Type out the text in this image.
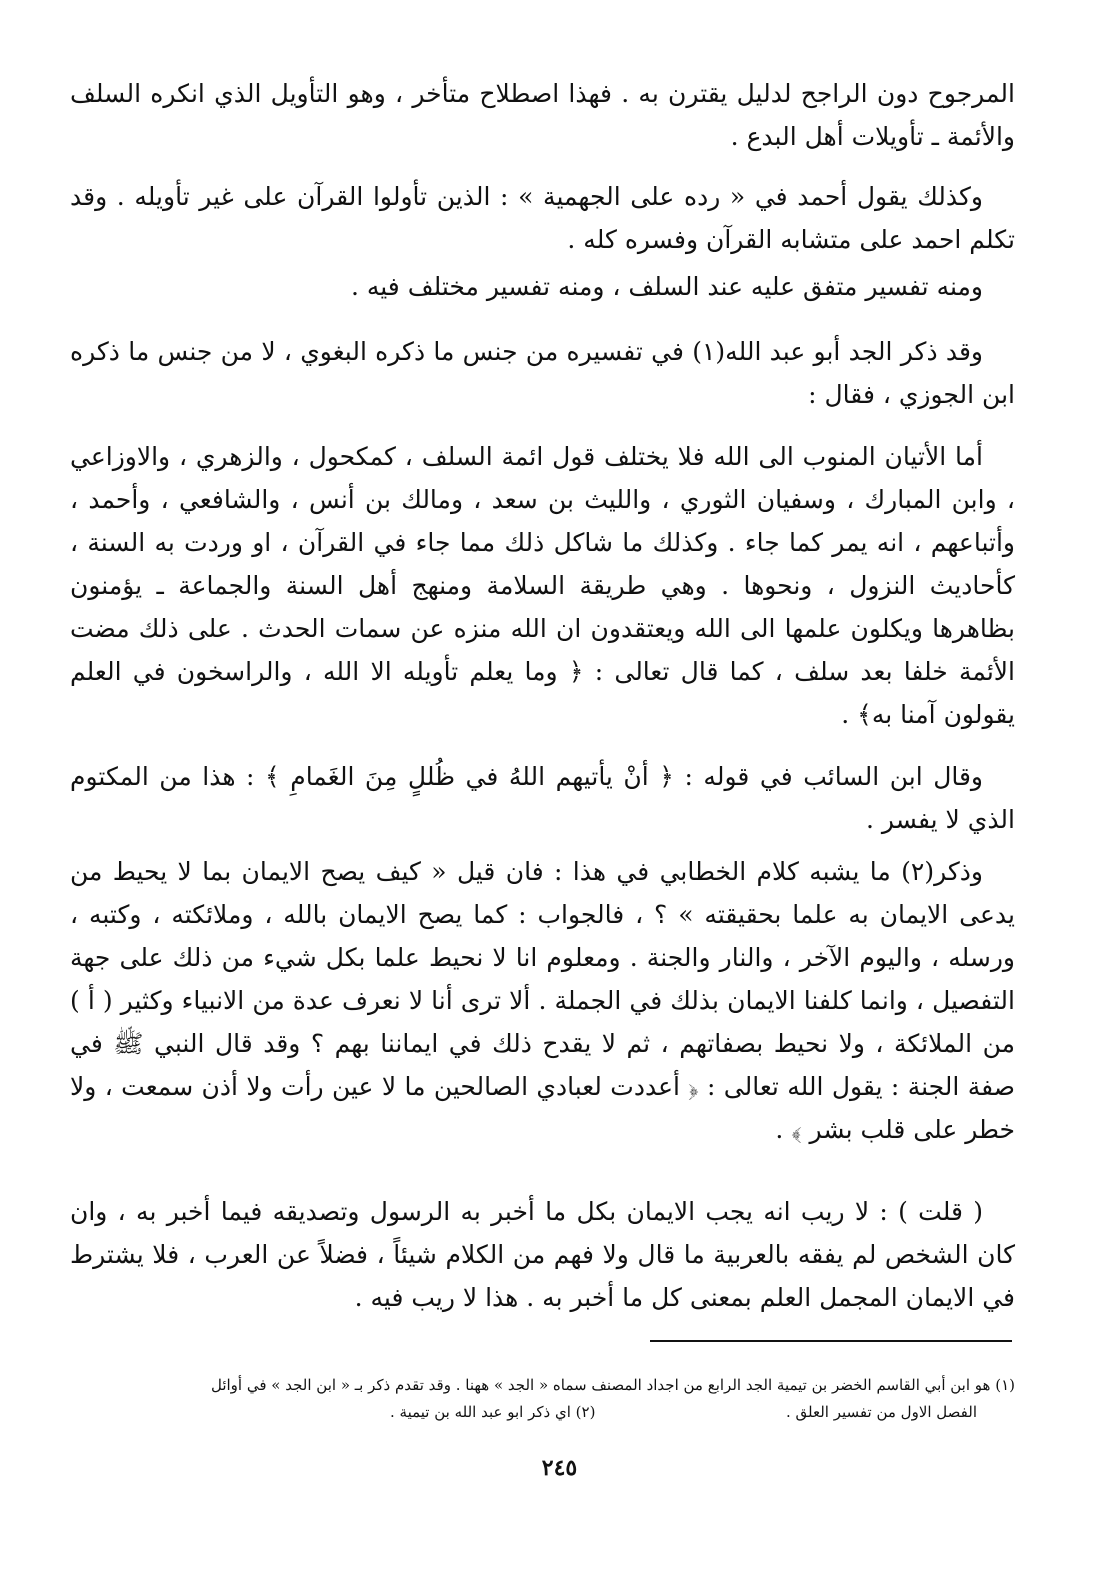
المرجوح دون الراجح لدليل يقترن به . فهذا اصطلاح متأخر ، وهو التأويل الذي انكره السلف والأئمة ـ تأويلات أهل البدع .

وكذلك يقول أحمد في « رده على الجهمية » : الذين تأولوا القرآن على غير تأويله . وقد تكلم احمد على متشابه القرآن وفسره كله .

ومنه تفسير متفق عليه عند السلف ، ومنه تفسير مختلف فيه .

وقد ذكر الجد أبو عبد الله(١) في تفسيره من جنس ما ذكره البغوي ، لا من جنس ما ذكره ابن الجوزي ، فقال :

أما الأتيان المنوب الى الله فلا يختلف قول ائمة السلف ، كمكحول ، والزهري ، والاوزاعي ، وابن المبارك ، وسفيان الثوري ، والليث بن سعد ، ومالك بن أنس ، والشافعي ، وأحمد ، وأتباعهم ، انه يمر كما جاء . وكذلك ما شاكل ذلك مما جاء في القرآن ، او وردت به السنة ، كأحاديث النزول ، ونحوها . وهي طريقة السلامة ومنهج أهل السنة والجماعة ـ يؤمنون بظاهرها ويكلون علمها الى الله ويعتقدون ان الله منزه عن سمات الحدث . على ذلك مضت الأئمة خلفا بعد سلف ، كما قال تعالى : ﴿ وما يعلم تأويله الا الله ، والراسخون في العلم يقولون آمنا به﴾ .

وقال ابن السائب في قوله : ﴿ أنْ يأتيهم اللهُ في ظُللٍ مِنَ الغَمامِ ﴾ : هذا من المكتوم الذي لا يفسر .

وذكر(٢) ما يشبه كلام الخطابي في هذا : فان قيل « كيف يصح الايمان بما لا يحيط من يدعى الايمان به علما بحقيقته » ؟ ، فالجواب : كما يصح الايمان بالله ، وملائكته ، وكتبه ، ورسله ، واليوم الآخر ، والنار والجنة . ومعلوم انا لا نحيط علما بكل شيء من ذلك على جهة التفصيل ، وانما كلفنا الايمان بذلك في الجملة . ألا ترى أنا لا نعرف عدة من الانبياء وكثير ( أ ) من الملائكة ، ولا نحيط بصفاتهم ، ثم لا يقدح ذلك في ايماننا بهم ؟ وقد قال النبي ﷺ في صفة الجنة : يقول الله تعالى : ﴿ أعددت لعبادي الصالحين ما لا عين رأت ولا أذن سمعت ، ولا خطر على قلب بشر ﴾ .

( قلت ) : لا ريب انه يجب الايمان بكل ما أخبر به الرسول وتصديقه فيما أخبر به ، وان كان الشخص لم يفقه بالعربية ما قال ولا فهم من الكلام شيئاً ، فضلاً عن العرب ، فلا يشترط في الايمان المجمل العلم بمعنى كل ما أخبر به . هذا لا ريب فيه .

(١) هو ابن أبي القاسم الخضر بن تيمية الجد الرابع من اجداد المصنف سماه « الجد » ههنا . وقد تقدم ذكر بـ « ابن الجد » في أوائل

الفصل الاول من تفسير العلق .
(٢) اي ذكر ابو عبد الله بن تيمية .
٢٤٥
